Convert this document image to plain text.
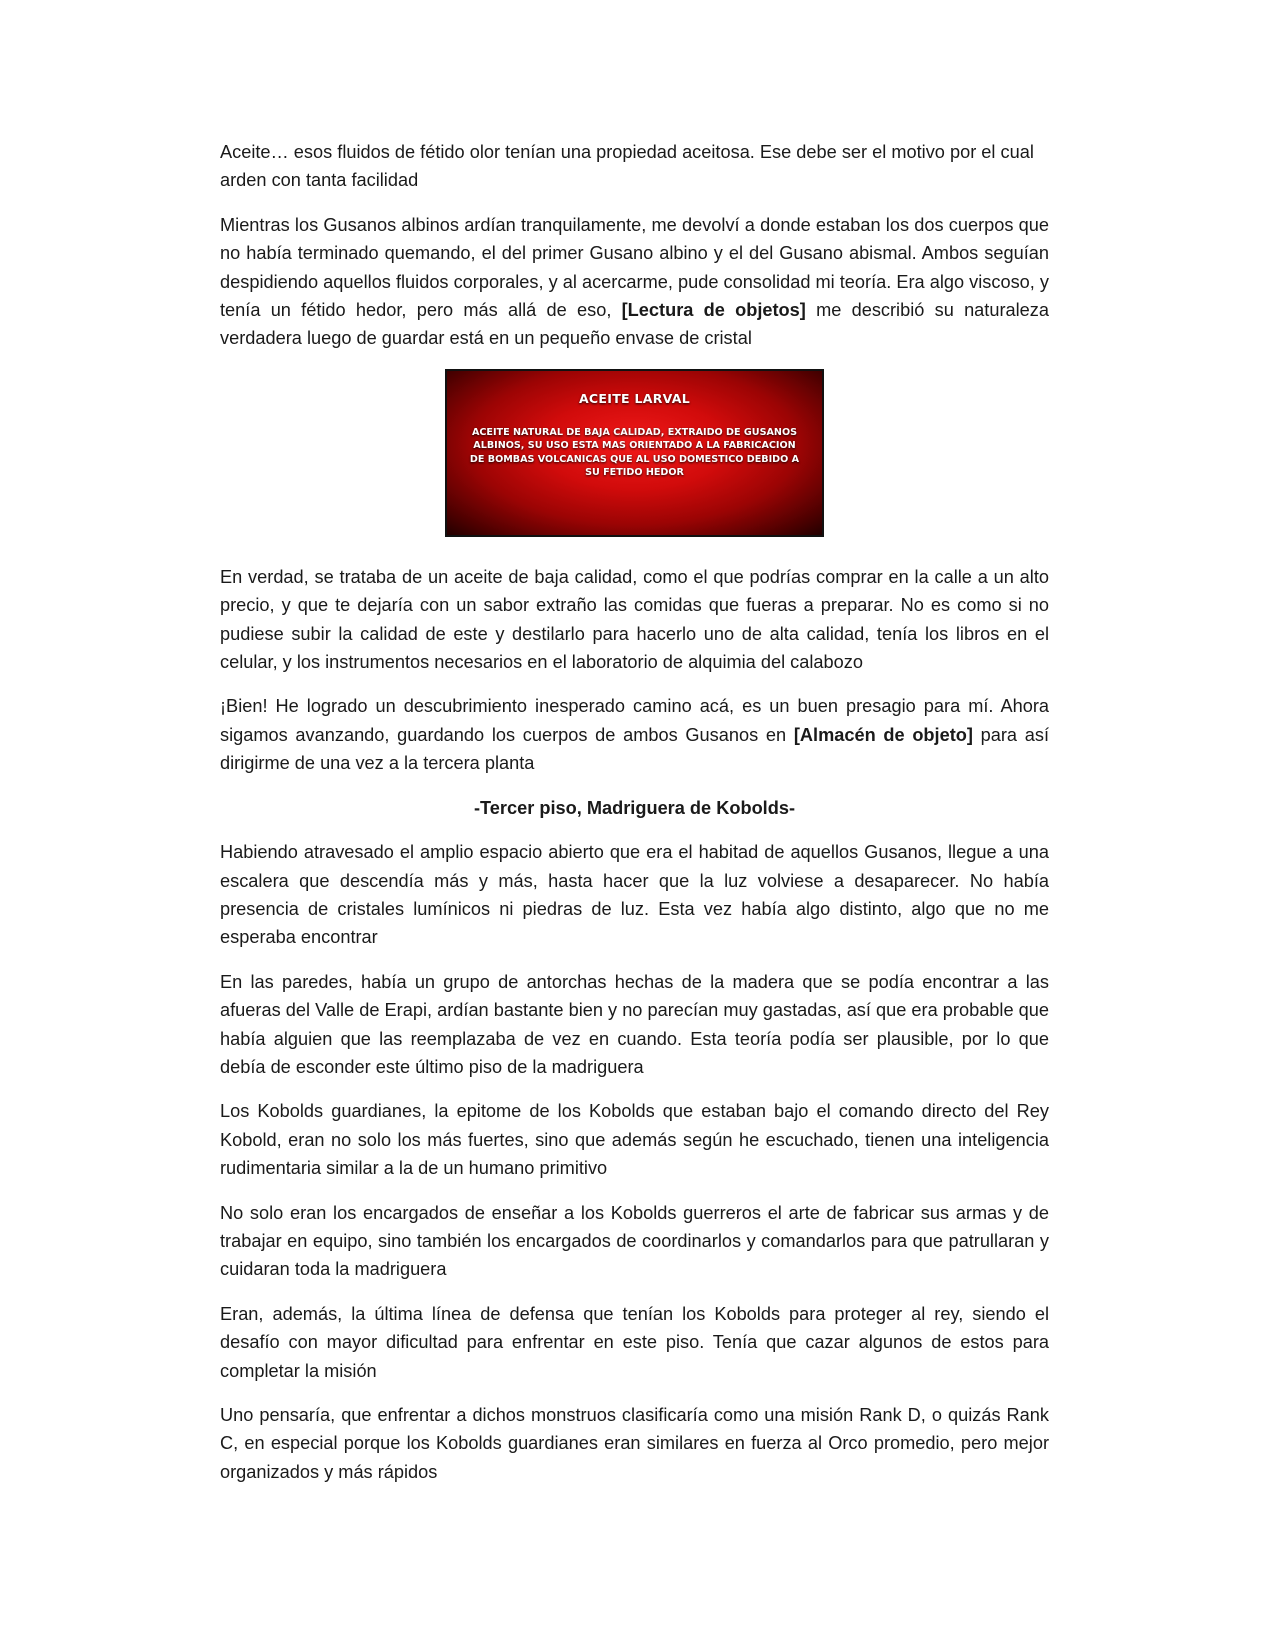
Aceite… esos fluidos de fétido olor tenían una propiedad aceitosa. Ese debe ser el motivo por el cual arden con tanta facilidad

Mientras los Gusanos albinos ardían tranquilamente, me devolví a donde estaban los dos cuerpos que no había terminado quemando, el del primer Gusano albino y el del Gusano abismal. Ambos seguían despidiendo aquellos fluidos corporales, y al acercarme, pude consolidad mi teoría. Era algo viscoso, y tenía un fétido hedor, pero más allá de eso, [Lectura de objetos] me describió su naturaleza verdadera luego de guardar está en un pequeño envase de cristal

ACEITE LARVAL
ACEITE NATURAL DE BAJA CALIDAD, EXTRAIDO DE GUSANOS ALBINOS, SU USO ESTA MAS ORIENTADO A LA FABRICACION DE BOMBAS VOLCANICAS QUE AL USO DOMESTICO DEBIDO A SU FETIDO HEDOR

En verdad, se trataba de un aceite de baja calidad, como el que podrías comprar en la calle a un alto precio, y que te dejaría con un sabor extraño las comidas que fueras a preparar. No es como si no pudiese subir la calidad de este y destilarlo para hacerlo uno de alta calidad, tenía los libros en el celular, y los instrumentos necesarios en el laboratorio de alquimia del calabozo

¡Bien! He logrado un descubrimiento inesperado camino acá, es un buen presagio para mí. Ahora sigamos avanzando, guardando los cuerpos de ambos Gusanos en [Almacén de objeto] para así dirigirme de una vez a la tercera planta

-Tercer piso, Madriguera de Kobolds-

Habiendo atravesado el amplio espacio abierto que era el habitad de aquellos Gusanos, llegue a una escalera que descendía más y más, hasta hacer que la luz volviese a desaparecer. No había presencia de cristales lumínicos ni piedras de luz. Esta vez había algo distinto, algo que no me esperaba encontrar

En las paredes, había un grupo de antorchas hechas de la madera que se podía encontrar a las afueras del Valle de Erapi, ardían bastante bien y no parecían muy gastadas, así que era probable que había alguien que las reemplazaba de vez en cuando. Esta teoría podía ser plausible, por lo que debía de esconder este último piso de la madriguera

Los Kobolds guardianes, la epitome de los Kobolds que estaban bajo el comando directo del Rey Kobold, eran no solo los más fuertes, sino que además según he escuchado, tienen una inteligencia rudimentaria similar a la de un humano primitivo

No solo eran los encargados de enseñar a los Kobolds guerreros el arte de fabricar sus armas y de trabajar en equipo, sino también los encargados de coordinarlos y comandarlos para que patrullaran y cuidaran toda la madriguera

Eran, además, la última línea de defensa que tenían los Kobolds para proteger al rey, siendo el desafío con mayor dificultad para enfrentar en este piso. Tenía que cazar algunos de estos para completar la misión

Uno pensaría, que enfrentar a dichos monstruos clasificaría como una misión Rank D, o quizás Rank C, en especial porque los Kobolds guardianes eran similares en fuerza al Orco promedio, pero mejor organizados y más rápidos
